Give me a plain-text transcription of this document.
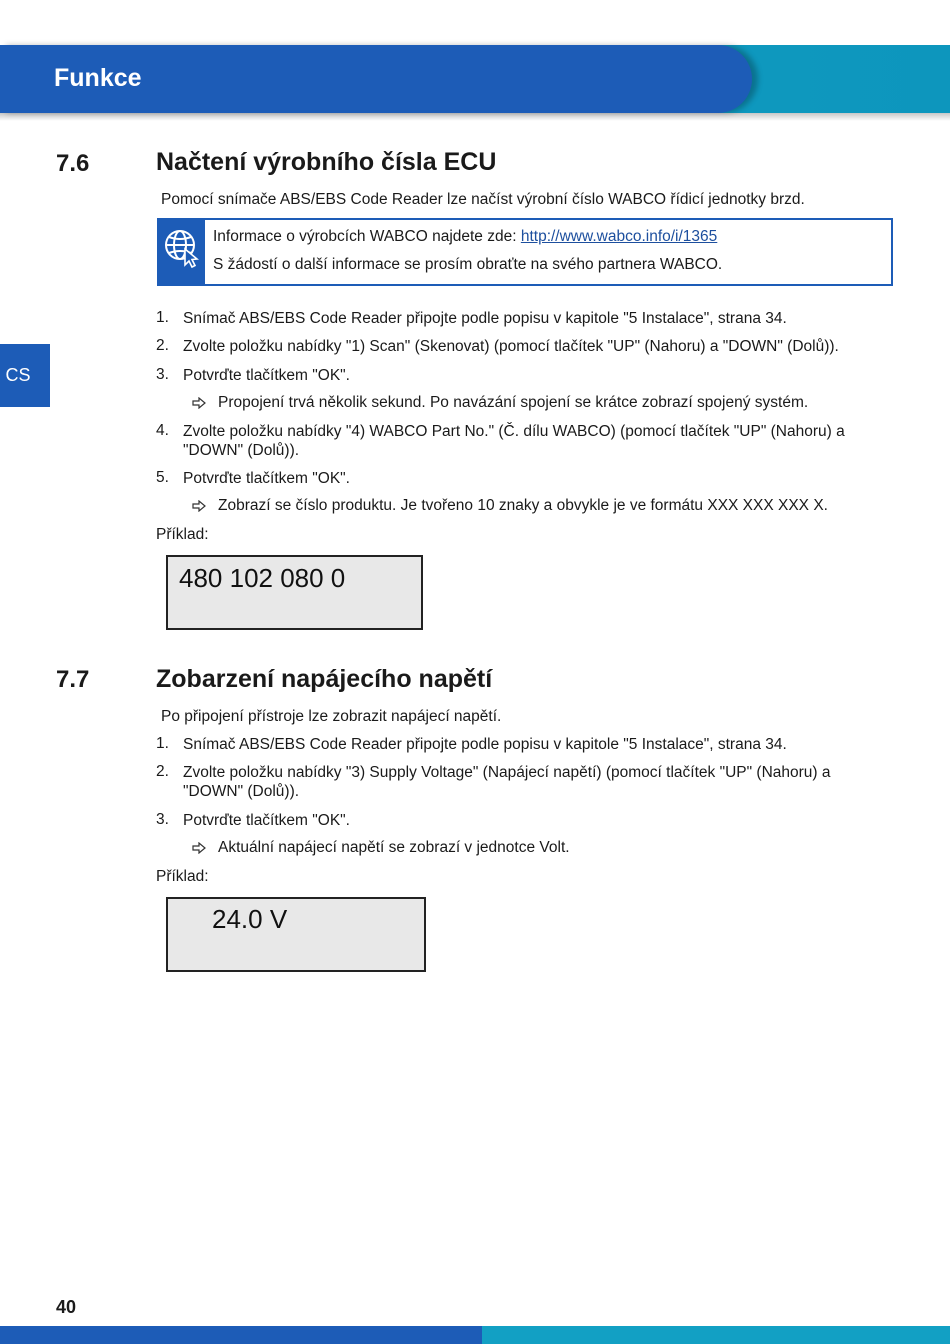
Funkce
CS
7.6	Načtení výrobního čísla ECU
Pomocí snímače ABS/EBS Code Reader lze načíst výrobní číslo WABCO řídicí jednotky brzd.
Informace o výrobcích WABCO najdete zde: http://www.wabco.info/i/1365
S žádostí o další informace se prosím obraťte na svého partnera WABCO.
1. Snímač ABS/EBS Code Reader připojte podle popisu v kapitole "5 Instalace", strana 34.
2. Zvolte položku nabídky "1) Scan" (Skenovat) (pomocí tlačítek "UP" (Nahoru) a "DOWN" (Dolů)).
3. Potvrďte tlačítkem "OK".
Propojení trvá několik sekund. Po navázání spojení se krátce zobrazí spojený systém.
4. Zvolte položku nabídky "4) WABCO Part No." (Č. dílu WABCO) (pomocí tlačítek "UP" (Nahoru) a "DOWN" (Dolů)).
5. Potvrďte tlačítkem "OK".
Zobrazí se číslo produktu. Je tvořeno 10 znaky a obvykle je ve formátu XXX XXX XXX X.
Příklad:
480 102 080 0
7.7	Zobarzení napájecího napětí
Po připojení přístroje lze zobrazit napájecí napětí.
1. Snímač ABS/EBS Code Reader připojte podle popisu v kapitole "5 Instalace", strana 34.
2. Zvolte položku nabídky "3) Supply Voltage" (Napájecí napětí) (pomocí tlačítek "UP" (Nahoru) a "DOWN" (Dolů)).
3. Potvrďte tlačítkem "OK".
Aktuální napájecí napětí se zobrazí v jednotce Volt.
Příklad:
24.0 V
40
